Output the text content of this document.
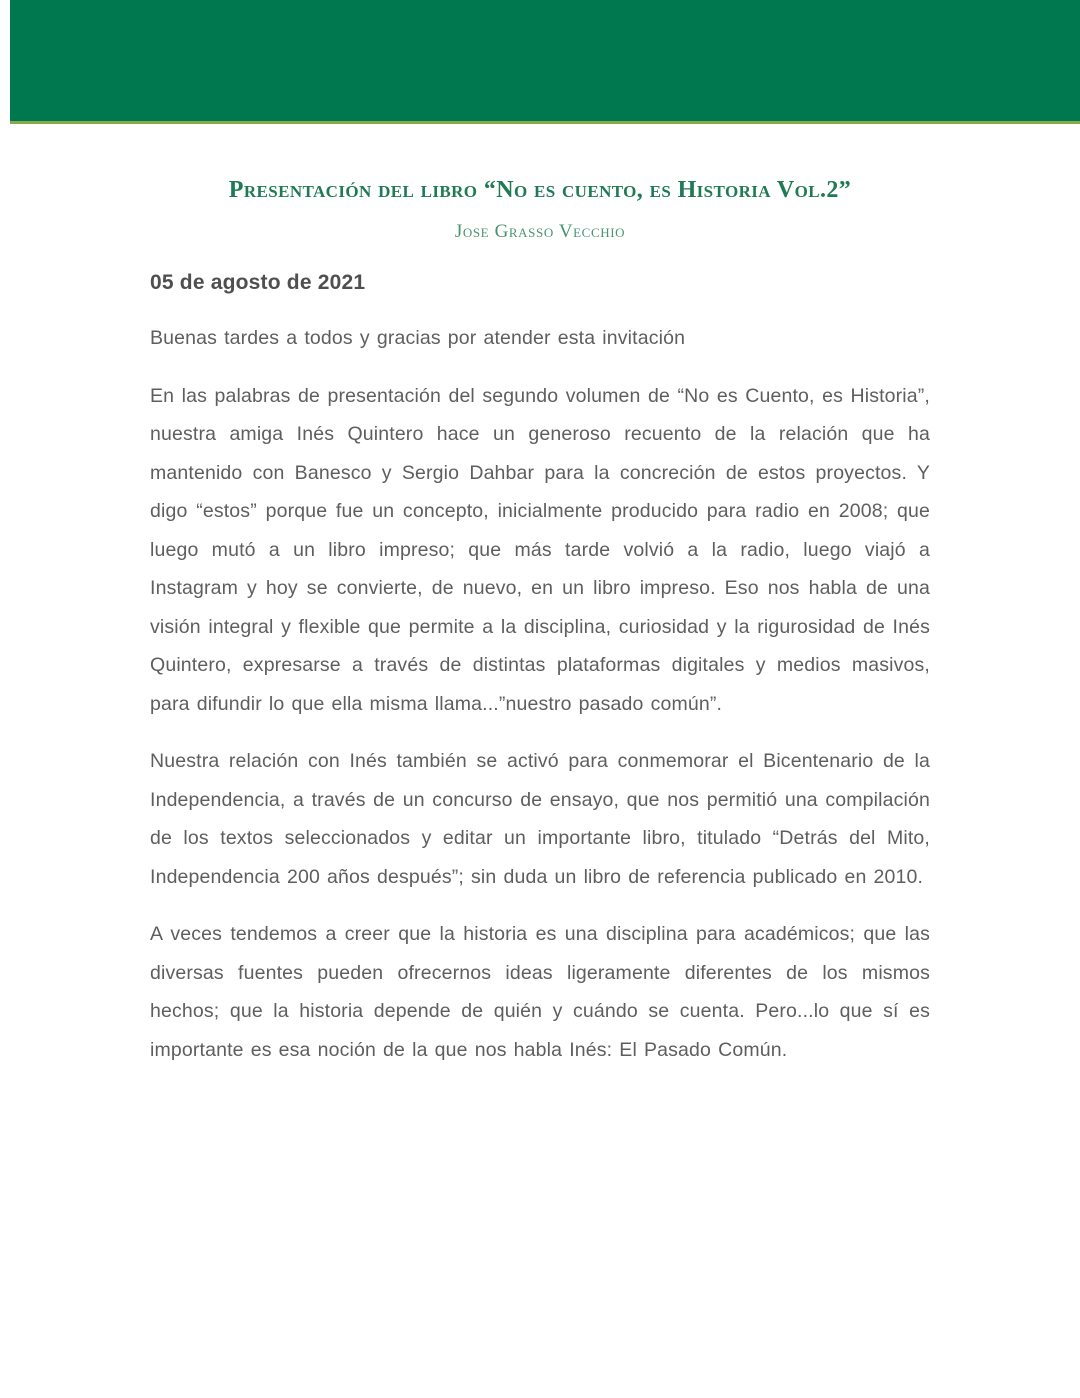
Presentación del libro “No es cuento, es Historia Vol.2”
Jose Grasso Vecchio
05 de agosto de 2021

Buenas tardes a todos y gracias por atender esta invitación

En las palabras de presentación del segundo volumen de “No es Cuento, es Historia”, nuestra amiga Inés Quintero hace un generoso recuento de la relación que ha mantenido con Banesco y Sergio Dahbar para la concreción de estos proyectos. Y digo “estos” porque fue un concepto, inicialmente producido para radio en 2008; que luego mutó a un libro impreso; que más tarde volvió a la radio, luego viajó a Instagram y hoy se convierte, de nuevo, en un libro impreso. Eso nos habla de una visión integral y flexible que permite a la disciplina, curiosidad y la rigurosidad de Inés Quintero, expresarse a través de distintas plataformas digitales y medios masivos, para difundir lo que ella misma llama...”nuestro pasado común”.

Nuestra relación con Inés también se activó para conmemorar el Bicentenario de la Independencia, a través de un concurso de ensayo, que nos permitió una compilación de los textos seleccionados y editar un importante libro, titulado “Detrás del Mito, Independencia 200 años después”; sin duda un libro de referencia publicado en 2010.

A veces tendemos a creer que la historia es una disciplina para académicos; que las diversas fuentes pueden ofrecernos ideas ligeramente diferentes de los mismos hechos; que la historia depende de quién y cuándo se cuenta. Pero...lo que sí es importante es esa noción de la que nos habla Inés: El Pasado Común.
